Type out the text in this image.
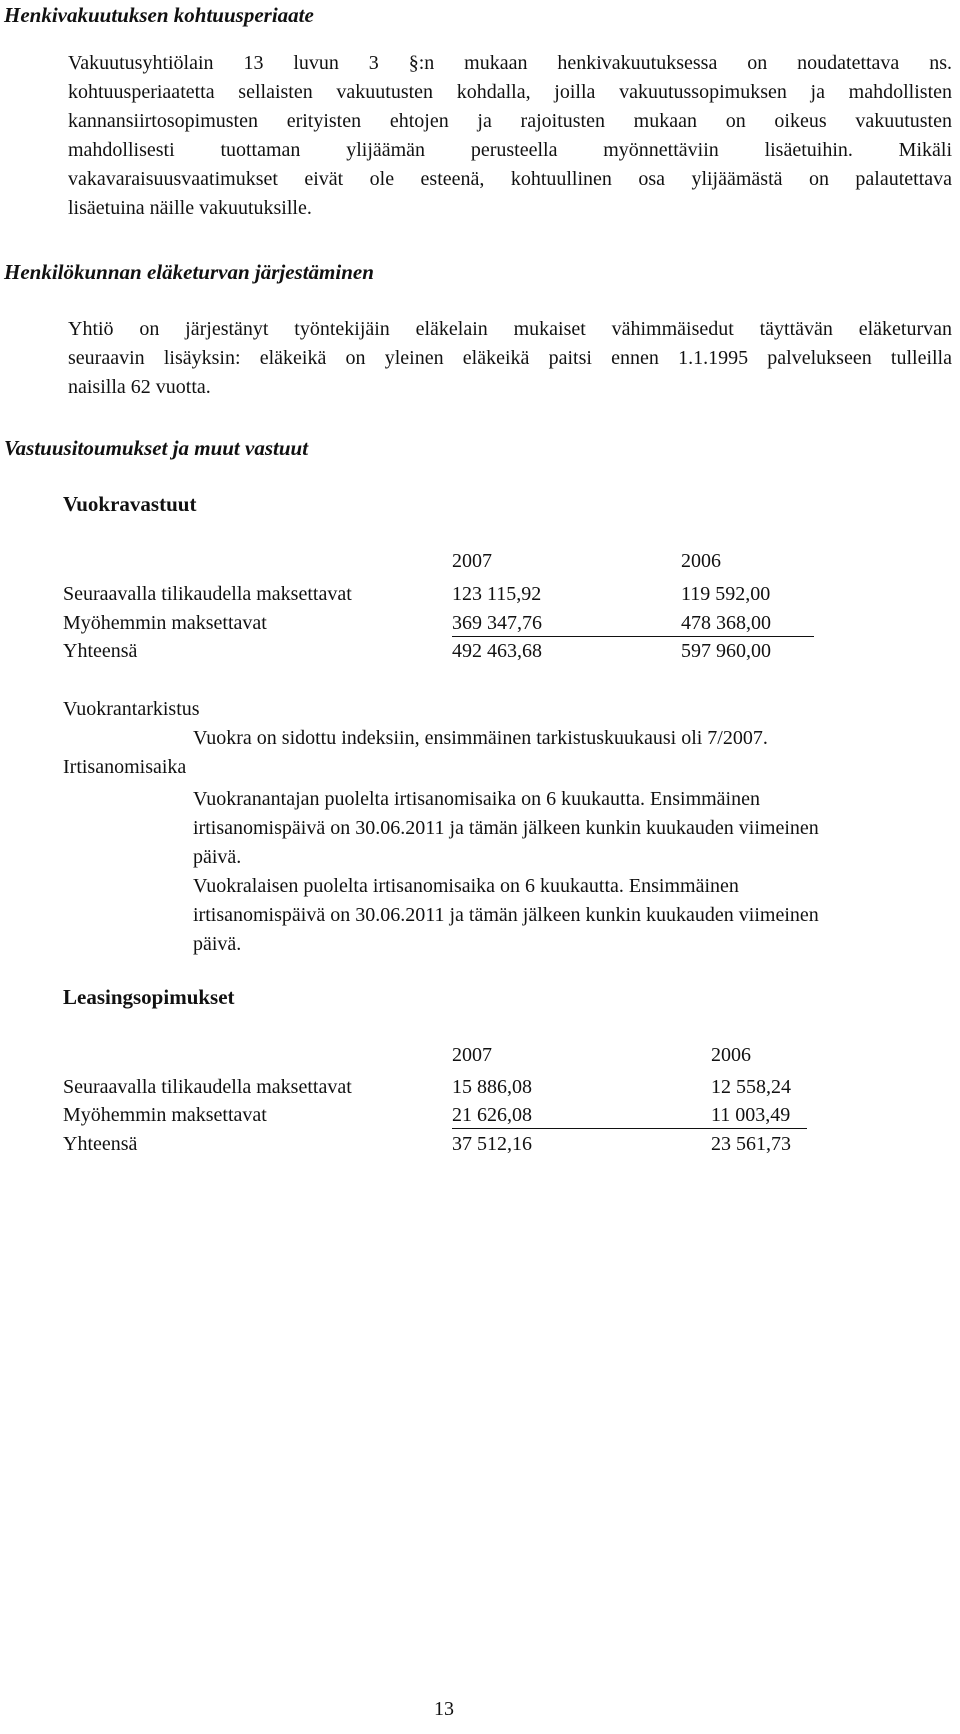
Henkivakuutuksen kohtuusperiaate
Vakuutusyhtiölain 13 luvun 3 §:n mukaan henkivakuutuksessa on noudatettava ns.
kohtuusperiaatetta sellaisten vakuutusten kohdalla, joilla vakuutussopimuksen ja mahdollisten
kannansiirtosopimusten erityisten ehtojen ja rajoitusten mukaan on oikeus vakuutusten
mahdollisesti tuottaman ylijäämän perusteella myönnettäviin lisäetuihin. Mikäli
vakavaraisuusvaatimukset eivät ole esteenä, kohtuullinen osa ylijäämästä on palautettava
lisäetuina näille vakuutuksille.
Henkilökunnan eläketurvan järjestäminen
Yhtiö on järjestänyt työntekijäin eläkelain mukaiset vähimmäisedut täyttävän eläketurvan
seuraavin lisäyksin: eläkeikä on yleinen eläkeikä paitsi ennen 1.1.1995 palvelukseen tulleilla
naisilla 62 vuotta.
Vastuusitoumukset ja muut vastuut
Vuokravastuut
2007	2006
Seuraavalla tilikaudella maksettavat	123 115,92	119 592,00
Myöhemmin maksettavat	369 347,76	478 368,00
Yhteensä	492 463,68	597 960,00
Vuokrantarkistus
Vuokra on sidottu indeksiin, ensimmäinen tarkistuskuukausi oli 7/2007.
Irtisanomisaika
Vuokranantajan puolelta irtisanomisaika on 6 kuukautta. Ensimmäinen
irtisanomispäivä on 30.06.2011 ja tämän jälkeen kunkin kuukauden viimeinen
päivä.
Vuokralaisen puolelta irtisanomisaika on 6 kuukautta. Ensimmäinen
irtisanomispäivä on 30.06.2011 ja tämän jälkeen kunkin kuukauden viimeinen
päivä.
Leasingsopimukset
2007	2006
Seuraavalla tilikaudella maksettavat	15 886,08	12 558,24
Myöhemmin maksettavat	21 626,08	11 003,49
Yhteensä	37 512,16	23 561,73
13
